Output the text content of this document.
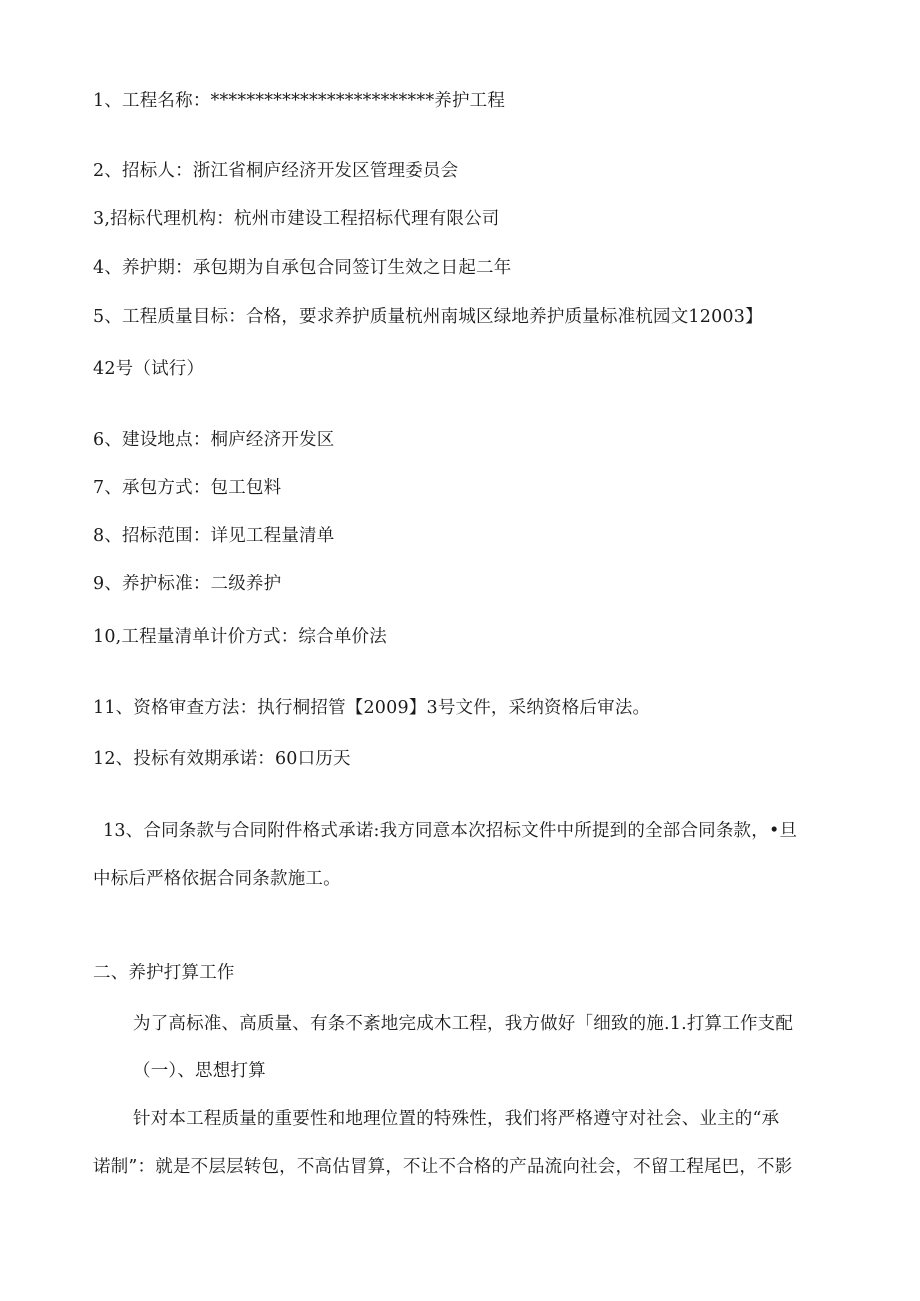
1、工程名称：*************************养护工程
2、招标人：浙江省桐庐经济开发区管理委员会
3,招标代理机构：杭州市建设工程招标代理有限公司
4、养护期：承包期为自承包合同签订生效之日起二年
5、工程质量目标：合格，要求养护质量杭州南城区绿地养护质量标准杭园文12003】
42号（试行）
6、建设地点：桐庐经济开发区
7、承包方式：包工包料
8、招标范围：详见工程量清单
9、养护标准：二级养护
10,工程量清单计价方式：综合单价法
11、资格审查方法：执行桐招管【2009】3号文件，采纳资格后审法。
12、投标有效期承诺：60口历天
13、合同条款与合同附件格式承诺:我方同意本次招标文件中所提到的全部合同条款，•旦
中标后严格依据合同条款施工。
二、养护打算工作
为了高标准、高质量、有条不紊地完成木工程，我方做好「细致的施.1.打算工作支配
（一）、思想打算
针对本工程质量的重要性和地理位置的特殊性，我们将严格遵守对社会、业主的“承
诺制”：就是不层层转包，不高估冒算，不让不合格的产品流向社会，不留工程尾巴，不影
